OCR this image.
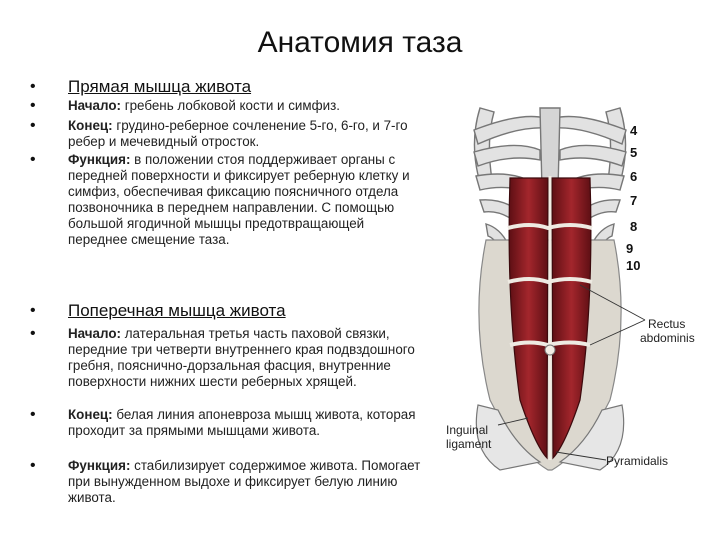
Анатомия таза
• Прямая мышца живота
• Начало: гребень лобковой кости и симфиз.
• Конец: грудино-реберное сочленение 5-го, 6-го, и 7-го ребер и мечевидный отросток.
• Функция: в положении стоя поддерживает органы с передней поверхности и фиксирует реберную клетку и симфиз, обеспечивая фиксацию поясничного отдела позвоночника в переднем направлении. С помощью большой ягодичной мышцы предотвращающей переднее смещение таза.
• Поперечная мышца живота
• Начало: латеральная третья часть паховой связки, передние три четверти внутреннего края подвздошного гребня, пояснично-дорзальная фасция, внутренние поверхности нижних шести реберных хрящей.
• Конец: белая линия апоневроза мышц живота, которая проходит за прямыми мышцами живота.
• Функция: стабилизирует содержимое живота. Помогает при вынужденном выдохе и фиксирует белую линию живота.
4
5
6
7
8
9
10
Rectus
abdominis
Inguinal
ligament
Pyramidalis
